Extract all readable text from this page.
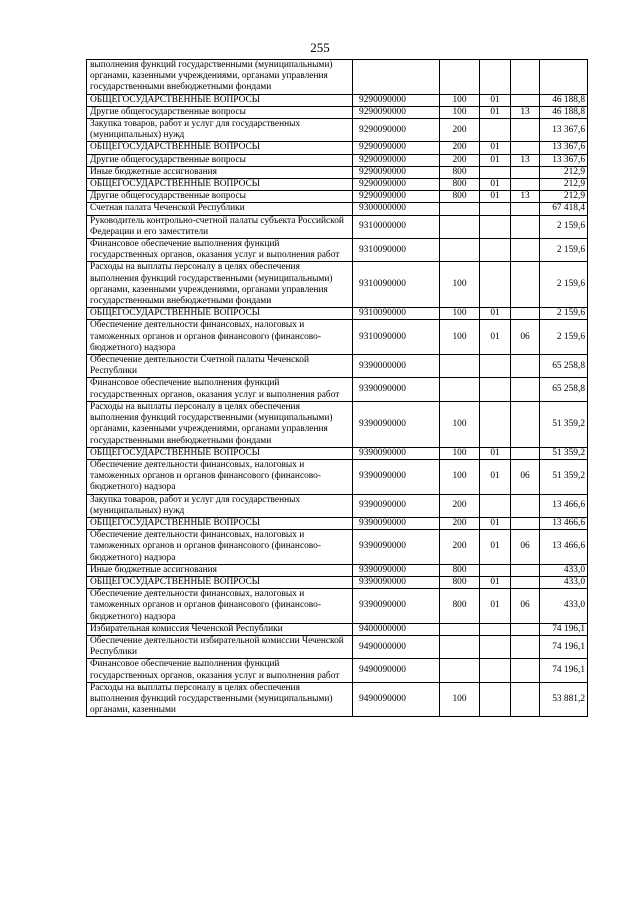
255
выполнения функций государственными (муниципальными) органами, казенными учреждениями, органами управления государственными внебюджетными фондами					
ОБЩЕГОСУДАРСТВЕННЫЕ ВОПРОСЫ	9290090000	100	01		46 188,8
Другие общегосударственные вопросы	9290090000	100	01	13	46 188,8
Закупка товаров, работ и услуг для государственных (муниципальных) нужд	9290090000	200			13 367,6
ОБЩЕГОСУДАРСТВЕННЫЕ ВОПРОСЫ	9290090000	200	01		13 367,6
Другие общегосударственные вопросы	9290090000	200	01	13	13 367,6
Иные бюджетные ассигнования	9290090000	800			212,9
ОБЩЕГОСУДАРСТВЕННЫЕ ВОПРОСЫ	9290090000	800	01		212,9
Другие общегосударственные вопросы	9290090000	800	01	13	212,9
Счетная палата Чеченской Республики	9300000000				67 418,4
Руководитель контрольно-счетной палаты субъекта Российской Федерации и его заместители	9310000000				2 159,6
Финансовое обеспечение выполнения функций государственных органов, оказания услуг и выполнения работ	9310090000				2 159,6
Расходы на выплаты персоналу в целях обеспечения выполнения функций государственными (муниципальными) органами, казенными учреждениями, органами управления государственными внебюджетными фондами	9310090000	100			2 159,6
ОБЩЕГОСУДАРСТВЕННЫЕ ВОПРОСЫ	9310090000	100	01		2 159,6
Обеспечение деятельности финансовых, налоговых и таможенных органов и органов финансового (финансово-бюджетного) надзора	9310090000	100	01	06	2 159,6
Обеспечение деятельности Счетной палаты Чеченской Республики	9390000000				65 258,8
Финансовое обеспечение выполнения функций государственных органов, оказания услуг и выполнения работ	9390090000				65 258,8
Расходы на выплаты персоналу в целях обеспечения выполнения функций государственными (муниципальными) органами, казенными учреждениями, органами управления государственными внебюджетными фондами	9390090000	100			51 359,2
ОБЩЕГОСУДАРСТВЕННЫЕ ВОПРОСЫ	9390090000	100	01		51 359,2
Обеспечение деятельности финансовых, налоговых и таможенных органов и органов финансового (финансово-бюджетного) надзора	9390090000	100	01	06	51 359,2
Закупка товаров, работ и услуг для государственных (муниципальных) нужд	9390090000	200			13 466,6
ОБЩЕГОСУДАРСТВЕННЫЕ ВОПРОСЫ	9390090000	200	01		13 466,6
Обеспечение деятельности финансовых, налоговых и таможенных органов и органов финансового (финансово-бюджетного) надзора	9390090000	200	01	06	13 466,6
Иные бюджетные ассигнования	9390090000	800			433,0
ОБЩЕГОСУДАРСТВЕННЫЕ ВОПРОСЫ	9390090000	800	01		433,0
Обеспечение деятельности финансовых, налоговых и таможенных органов и органов финансового (финансово-бюджетного) надзора	9390090000	800	01	06	433,0
Избирательная комиссия Чеченской Республики	9400000000				74 196,1
Обеспечение деятельности избирательной комиссии Чеченской Республики	9490000000				74 196,1
Финансовое обеспечение выполнения функций государственных органов, оказания услуг и выполнения работ	9490090000				74 196,1
Расходы на выплаты персоналу в целях обеспечения выполнения функций государственными (муниципальными) органами, казенными	9490090000	100			53 881,2
